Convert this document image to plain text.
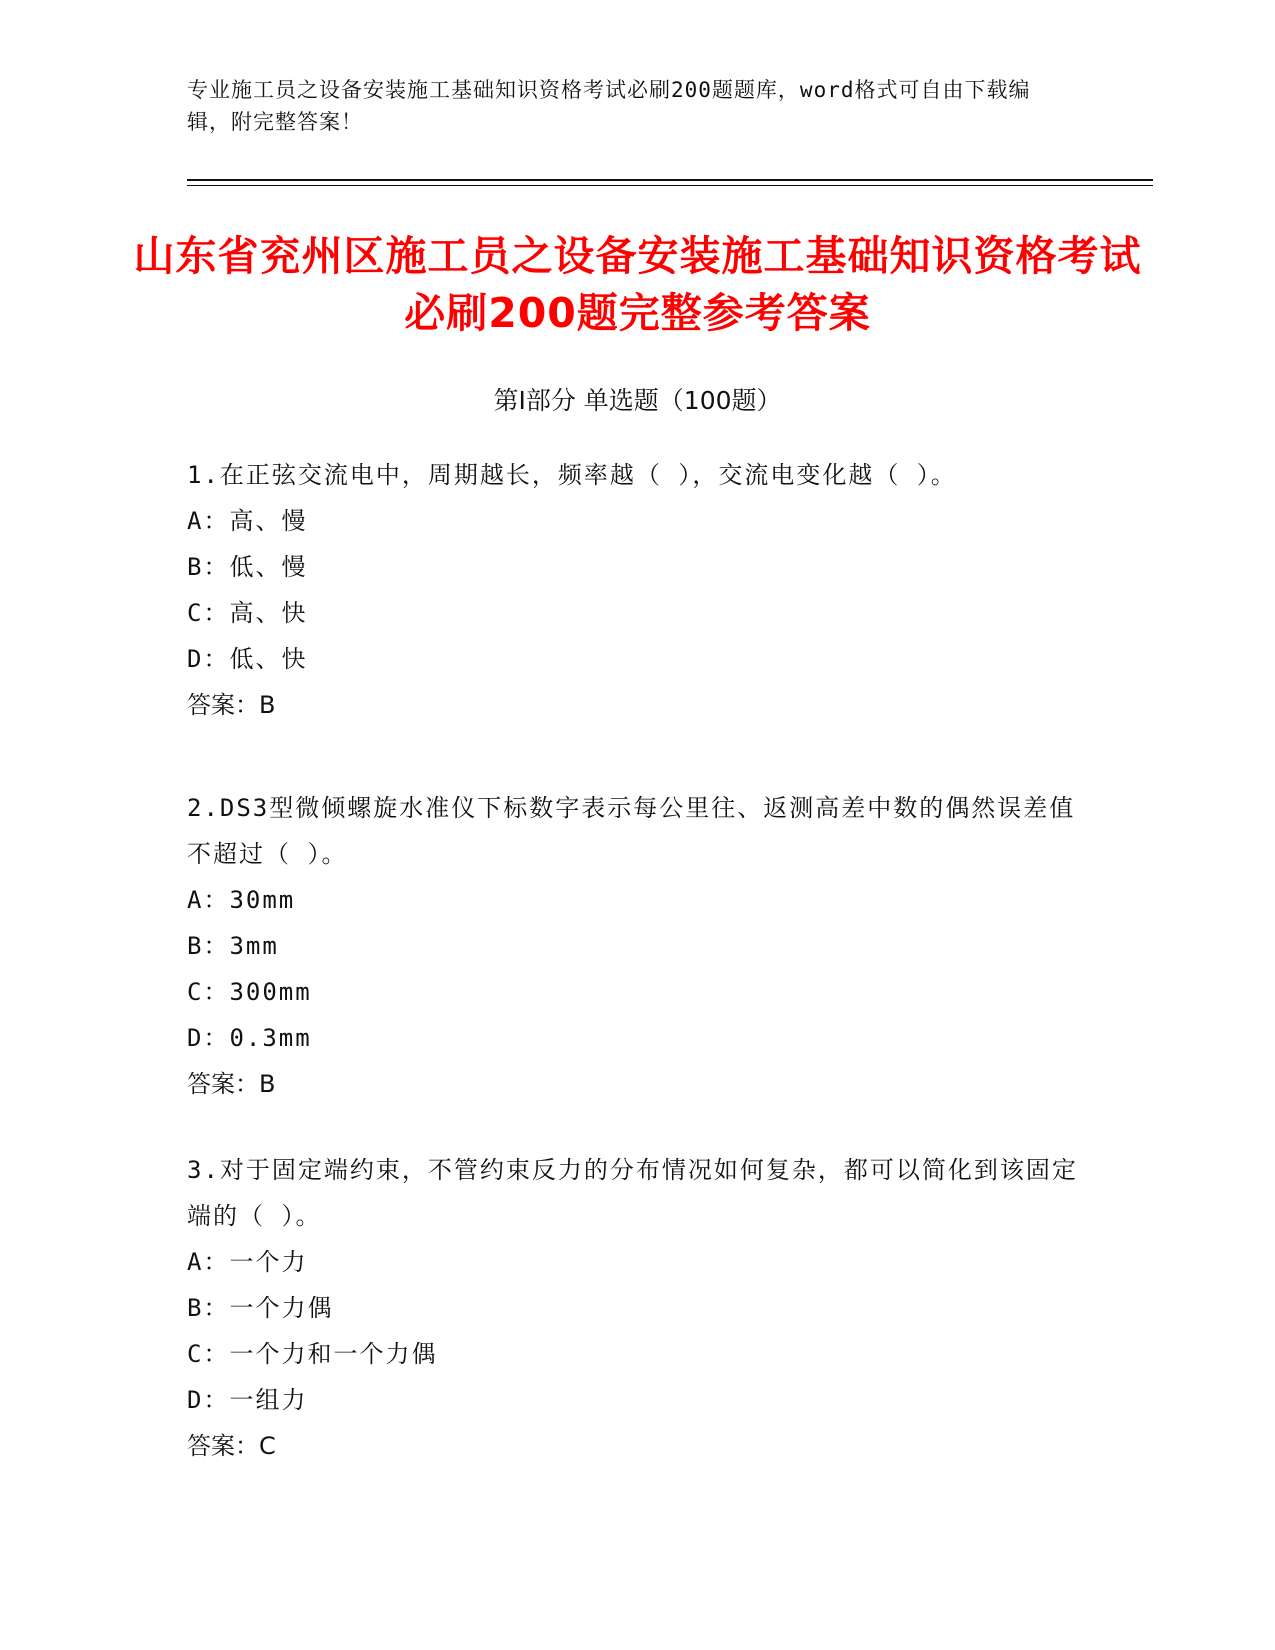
专业施工员之设备安装施工基础知识资格考试必刷200题题库，word格式可自由下载编辑，附完整答案！
山东省兖州区施工员之设备安装施工基础知识资格考试必刷200题完整参考答案
第Ⅰ部分 单选题（100题）

1.在正弦交流电中，周期越长，频率越（ ），交流电变化越（ ）。

A：高、慢

B：低、慢

C：高、快

D：低、快

答案：B

2.DS3型微倾螺旋水准仪下标数字表示每公里往、返测高差中数的偶然误差值不超过（ ）。

A：30mm

B：3mm

C：300mm

D：0.3mm

答案：B

3.对于固定端约束，不管约束反力的分布情况如何复杂，都可以简化到该固定端的（ ）。

A：一个力

B：一个力偶

C：一个力和一个力偶

D：一组力

答案：C
